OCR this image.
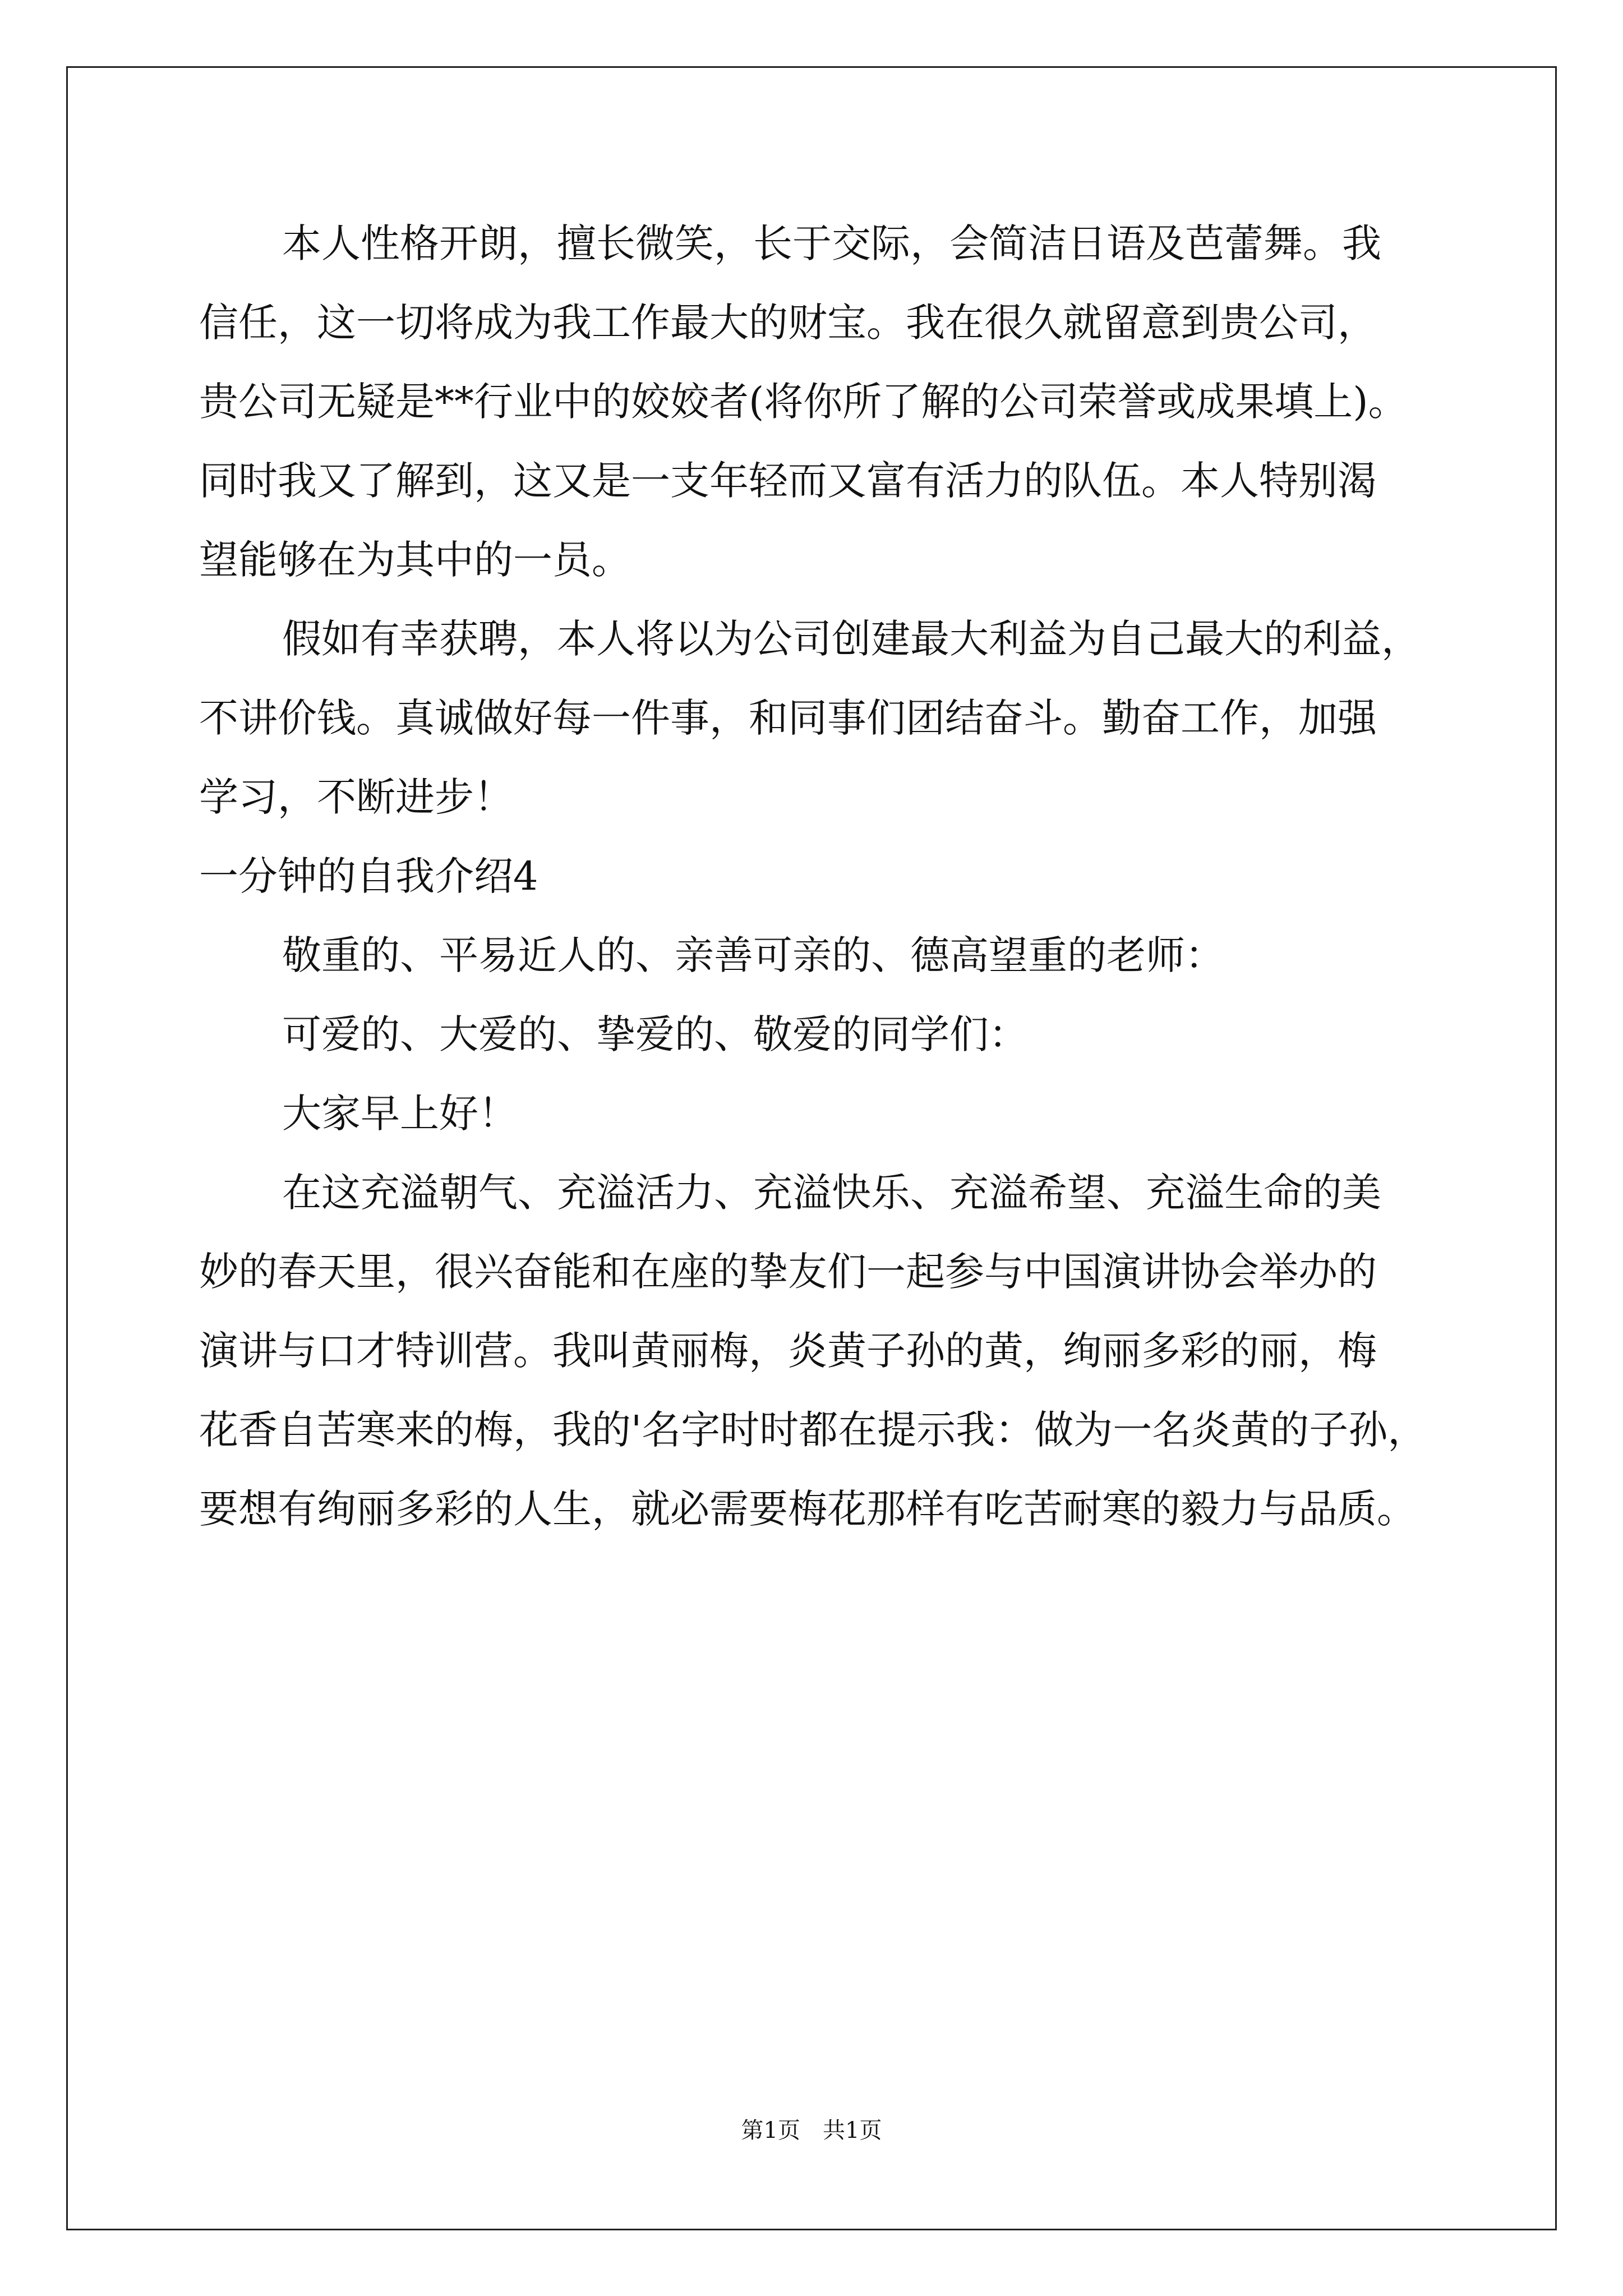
本人性格开朗，擅长微笑，长于交际，会简洁日语及芭蕾舞。我
信任，这一切将成为我工作最大的财宝。我在很久就留意到贵公司，
贵公司无疑是**行业中的姣姣者(将你所了解的公司荣誉或成果填上)。
同时我又了解到，这又是一支年轻而又富有活力的队伍。本人特别渴
望能够在为其中的一员。
假如有幸获聘，本人将以为公司创建最大利益为自己最大的利益，
不讲价钱。真诚做好每一件事，和同事们团结奋斗。勤奋工作，加强
学习，不断进步！
一分钟的自我介绍4
敬重的、平易近人的、亲善可亲的、德高望重的老师：
可爱的、大爱的、挚爱的、敬爱的同学们：
大家早上好！
在这充溢朝气、充溢活力、充溢快乐、充溢希望、充溢生命的美
妙的春天里，很兴奋能和在座的挚友们一起参与中国演讲协会举办的
演讲与口才特训营。我叫黄丽梅，炎黄子孙的黄，绚丽多彩的丽，梅
花香自苦寒来的梅，我的'名字时时都在提示我：做为一名炎黄的子孙，
要想有绚丽多彩的人生，就必需要梅花那样有吃苦耐寒的毅力与品质。
第1页　共1页
